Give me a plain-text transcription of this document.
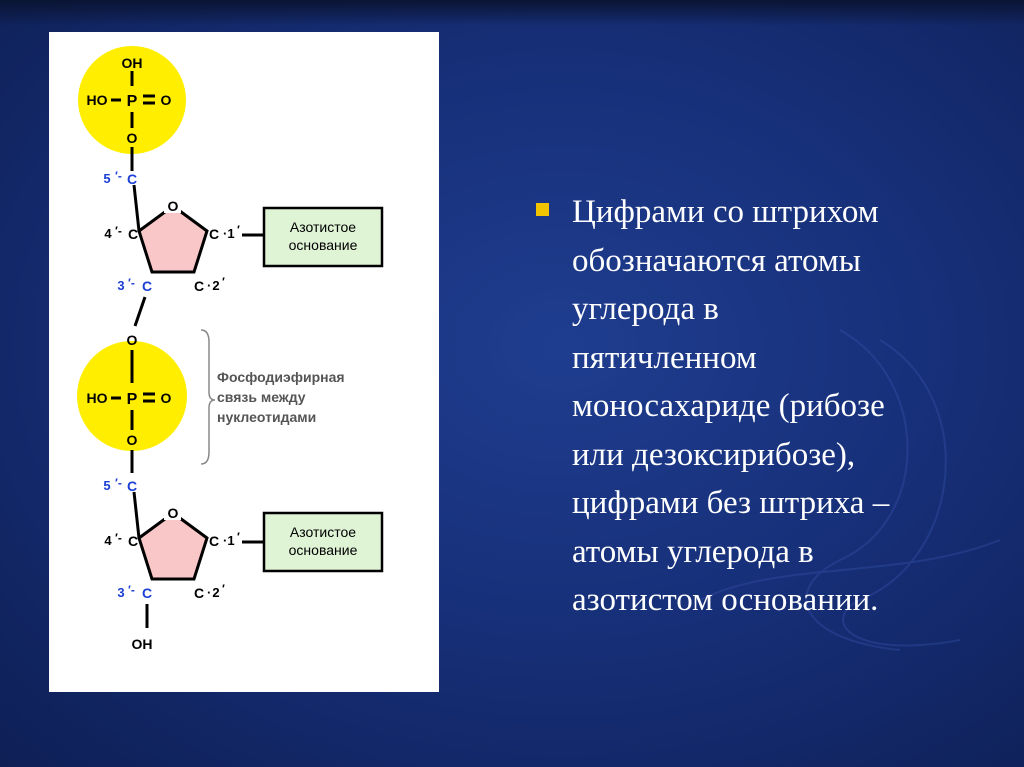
OH
HO P O
O
O
C
5 ′-
C
4 ′-	C · 1 ′
C
3 ′-	C · 2 ′
Азотистое
основание
O
HO P O
O
Фосфодиэфирная
связь между
нуклеотидами
O
C
5 ′-
C
4 ′-	C · 1 ′
C
3 ′-	C · 2 ′
Азотистое
основание
OH
Цифрами со штрихом
обозначаются атомы
углерода в
пятичленном
моносахариде (рибозе
или дезоксирибозе),
цифрами без штриха –
атомы углерода в
азотистом основании.
